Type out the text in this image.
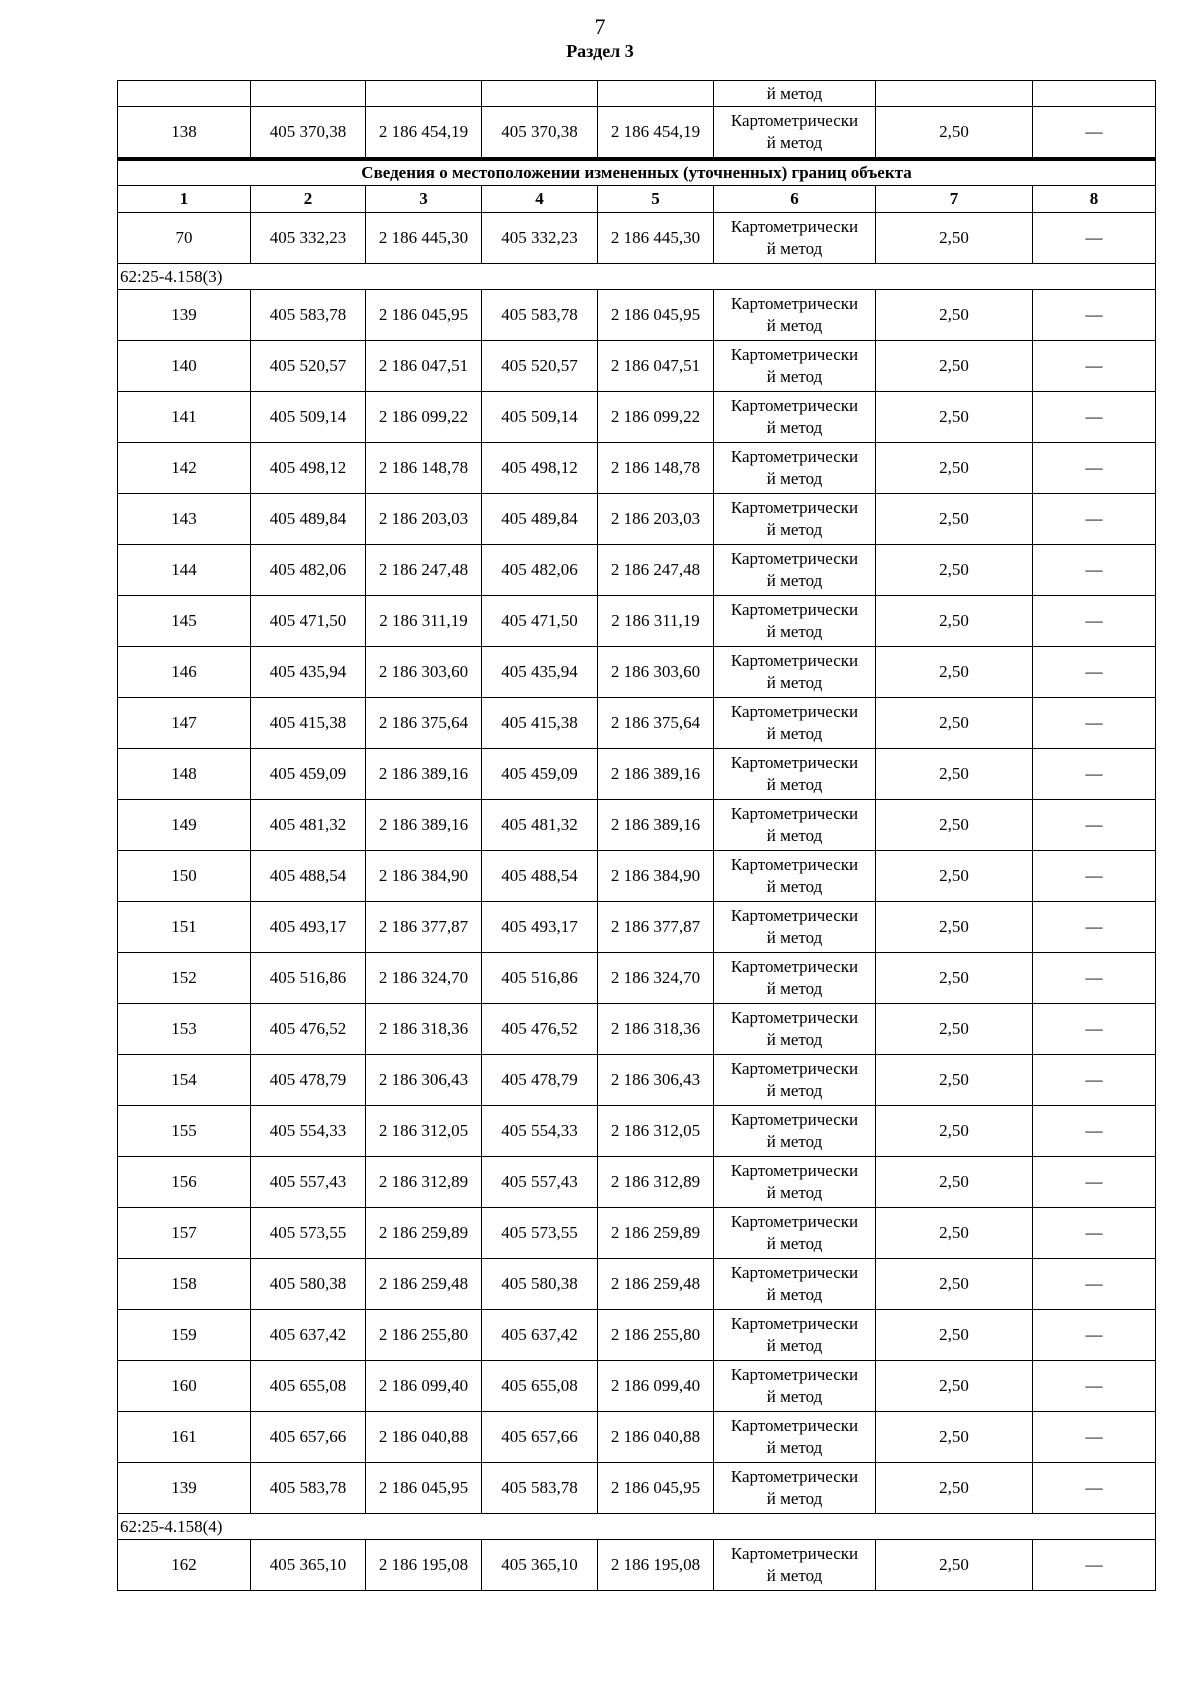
7
Раздел 3
					й метод		
138	405 370,38	2 186 454,19	405 370,38	2 186 454,19	Картометрически
й метод	2,50	—
Сведения о местоположении измененных (уточненных) границ объекта							
1	2	3	4	5	6	7	8
70	405 332,23	2 186 445,30	405 332,23	2 186 445,30	Картометрически
й метод	2,50	—
62:25-4.158(3)							
139	405 583,78	2 186 045,95	405 583,78	2 186 045,95	Картометрически
й метод	2,50	—
140	405 520,57	2 186 047,51	405 520,57	2 186 047,51	Картометрически
й метод	2,50	—
141	405 509,14	2 186 099,22	405 509,14	2 186 099,22	Картометрически
й метод	2,50	—
142	405 498,12	2 186 148,78	405 498,12	2 186 148,78	Картометрически
й метод	2,50	—
143	405 489,84	2 186 203,03	405 489,84	2 186 203,03	Картометрически
й метод	2,50	—
144	405 482,06	2 186 247,48	405 482,06	2 186 247,48	Картометрически
й метод	2,50	—
145	405 471,50	2 186 311,19	405 471,50	2 186 311,19	Картометрически
й метод	2,50	—
146	405 435,94	2 186 303,60	405 435,94	2 186 303,60	Картометрически
й метод	2,50	—
147	405 415,38	2 186 375,64	405 415,38	2 186 375,64	Картометрически
й метод	2,50	—
148	405 459,09	2 186 389,16	405 459,09	2 186 389,16	Картометрически
й метод	2,50	—
149	405 481,32	2 186 389,16	405 481,32	2 186 389,16	Картометрически
й метод	2,50	—
150	405 488,54	2 186 384,90	405 488,54	2 186 384,90	Картометрически
й метод	2,50	—
151	405 493,17	2 186 377,87	405 493,17	2 186 377,87	Картометрически
й метод	2,50	—
152	405 516,86	2 186 324,70	405 516,86	2 186 324,70	Картометрически
й метод	2,50	—
153	405 476,52	2 186 318,36	405 476,52	2 186 318,36	Картометрически
й метод	2,50	—
154	405 478,79	2 186 306,43	405 478,79	2 186 306,43	Картометрически
й метод	2,50	—
155	405 554,33	2 186 312,05	405 554,33	2 186 312,05	Картометрически
й метод	2,50	—
156	405 557,43	2 186 312,89	405 557,43	2 186 312,89	Картометрически
й метод	2,50	—
157	405 573,55	2 186 259,89	405 573,55	2 186 259,89	Картометрически
й метод	2,50	—
158	405 580,38	2 186 259,48	405 580,38	2 186 259,48	Картометрически
й метод	2,50	—
159	405 637,42	2 186 255,80	405 637,42	2 186 255,80	Картометрически
й метод	2,50	—
160	405 655,08	2 186 099,40	405 655,08	2 186 099,40	Картометрически
й метод	2,50	—
161	405 657,66	2 186 040,88	405 657,66	2 186 040,88	Картометрически
й метод	2,50	—
139	405 583,78	2 186 045,95	405 583,78	2 186 045,95	Картометрически
й метод	2,50	—
62:25-4.158(4)							
162	405 365,10	2 186 195,08	405 365,10	2 186 195,08	Картометрически
й метод	2,50	—
